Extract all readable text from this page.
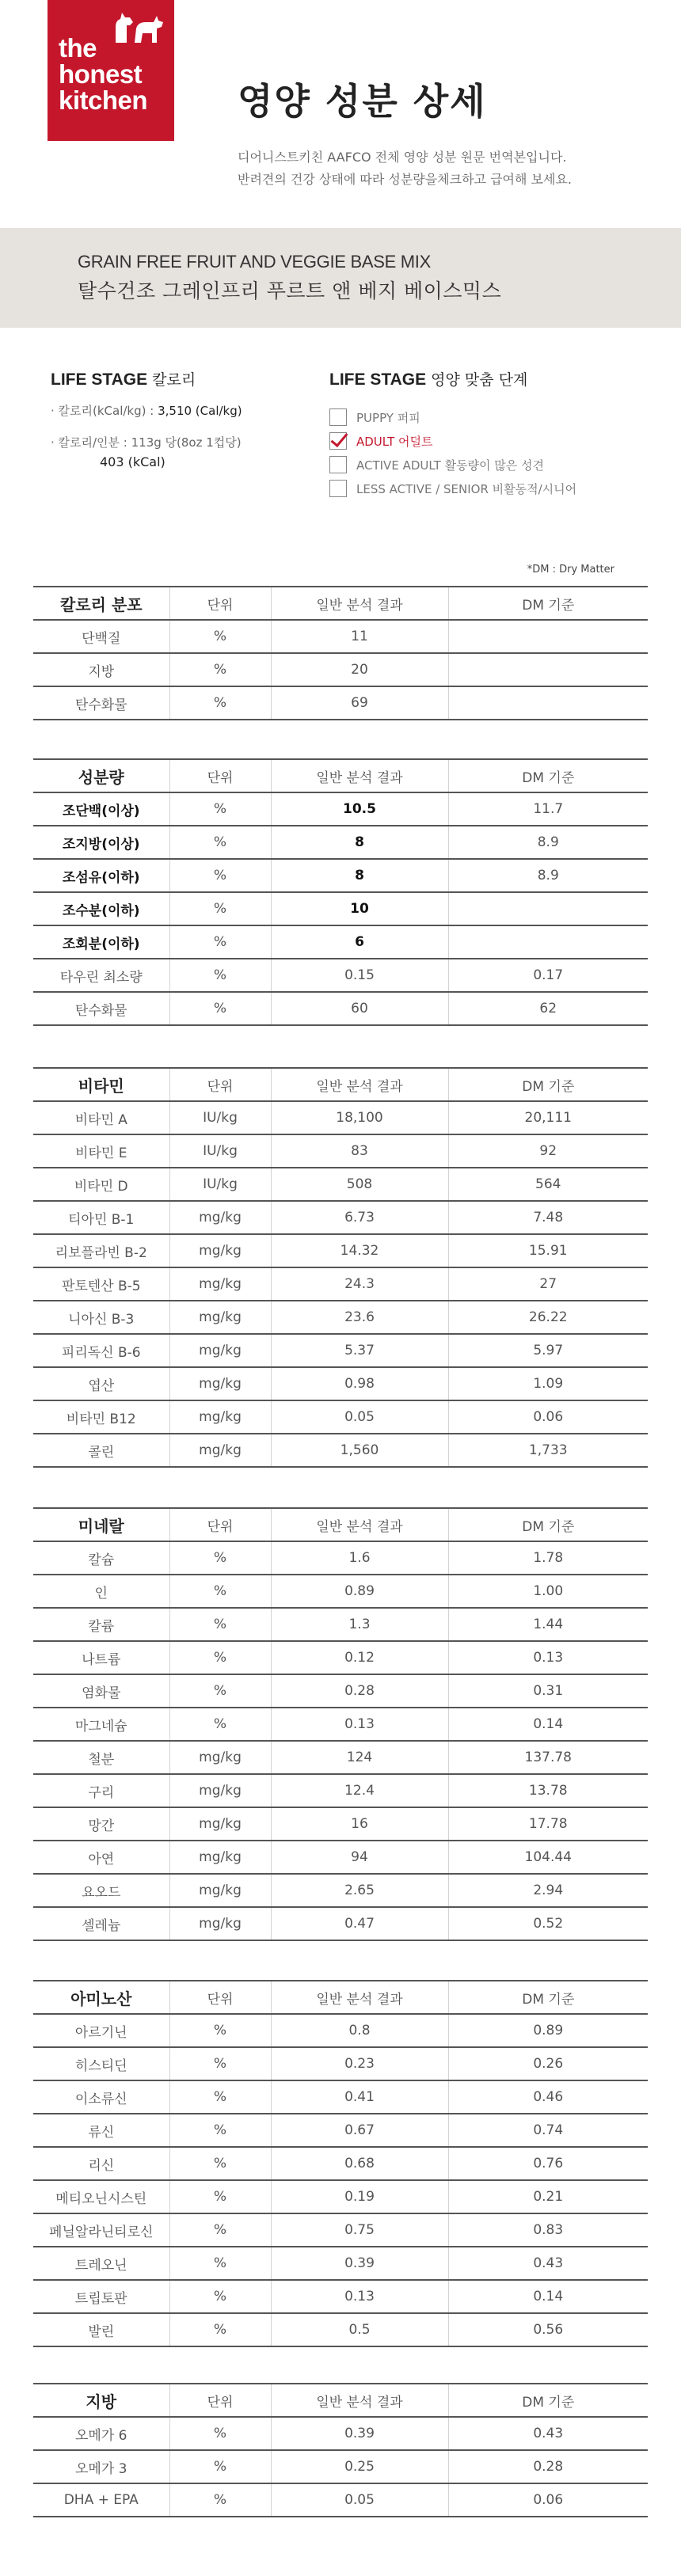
the
honest
kitchen	영양 성분 상세
디어니스트키친 AAFCO 전체 영양 성분 원문 번역본입니다.
반려견의 건강 상태에 따라 성분량을체크하고 급여해 보세요.
GRAIN FREE FRUIT AND VEGGIE BASE MIX
탈수건조 그레인프리 푸르트 앤 베지 베이스믹스
LIFE STAGE 칼로리
· 칼로리(kCal/kg) : 3,510 (Cal/kg)
· 칼로리/인분 : 113g 당(8oz 1컵당)
403 (kCal)
LIFE STAGE 영양 맞춤 단계
PUPPY 퍼피
ADULT 어덜트
ACTIVE ADULT 활동량이 많은 성견
LESS ACTIVE / SENIOR 비활동적/시니어
*DM : Dry Matter
칼로리 분포	단위	일반 분석 결과	DM 기준
단백질	%	11	
지방	%	20	
탄수화물	%	69	
성분량	단위	일반 분석 결과	DM 기준
조단백(이상)	%	10.5	11.7
조지방(이상)	%	8	8.9
조섬유(이하)	%	8	8.9
조수분(이하)	%	10	
조회분(이하)	%	6	
타우린 최소량	%	0.15	0.17
탄수화물	%	60	62
비타민	단위	일반 분석 결과	DM 기준
비타민 A	IU/kg	18,100	20,111
비타민 E	IU/kg	83	92
비타민 D	IU/kg	508	564
티아민 B-1	mg/kg	6.73	7.48
리보플라빈 B-2	mg/kg	14.32	15.91
판토텐산 B-5	mg/kg	24.3	27
니아신 B-3	mg/kg	23.6	26.22
피리독신 B-6	mg/kg	5.37	5.97
엽산	mg/kg	0.98	1.09
비타민 B12	mg/kg	0.05	0.06
콜린	mg/kg	1,560	1,733
미네랄	단위	일반 분석 결과	DM 기준
칼슘	%	1.6	1.78
인	%	0.89	1.00
칼륨	%	1.3	1.44
나트륨	%	0.12	0.13
염화물	%	0.28	0.31
마그네슘	%	0.13	0.14
철분	mg/kg	124	137.78
구리	mg/kg	12.4	13.78
망간	mg/kg	16	17.78
아연	mg/kg	94	104.44
요오드	mg/kg	2.65	2.94
셀레늄	mg/kg	0.47	0.52
아미노산	단위	일반 분석 결과	DM 기준
아르기닌	%	0.8	0.89
히스티딘	%	0.23	0.26
이소류신	%	0.41	0.46
류신	%	0.67	0.74
리신	%	0.68	0.76
메티오닌시스틴	%	0.19	0.21
페닐알라닌티로신	%	0.75	0.83
트레오닌	%	0.39	0.43
트립토판	%	0.13	0.14
발린	%	0.5	0.56
지방	단위	일반 분석 결과	DM 기준
오메가 6	%	0.39	0.43
오메가 3	%	0.25	0.28
DHA + EPA	%	0.05	0.06
